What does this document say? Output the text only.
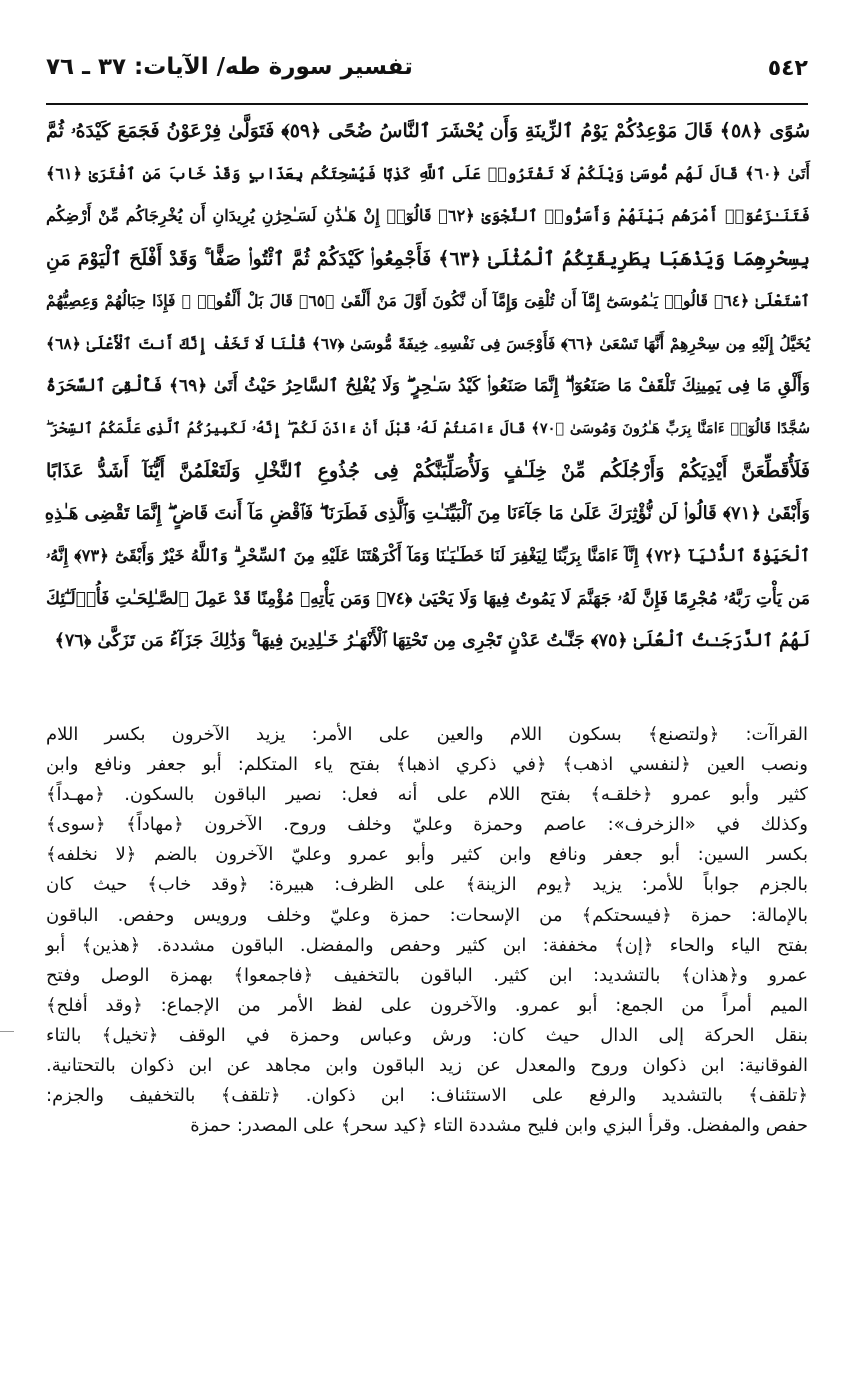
٥٤٢
تفسير سورة طه/ الآيات: ٣٧ ـ ٧٦
سُوًى ﴿٥٨﴾ قَالَ مَوْعِدُكُمْ يَوْمُ ٱلزِّينَةِ وَأَن يُحْشَرَ ٱلنَّاسُ ضُحًى ﴿٥٩﴾ فَتَوَلَّىٰ فِرْعَوْنُ فَجَمَعَ كَيْدَهُۥ ثُمَّ
أَتَىٰ ﴿٦٠﴾ قَالَ لَهُم مُّوسَىٰ وَيْلَكُمْ لَا تَفْتَرُوا۟ عَلَى ٱللَّهِ كَذِبًا فَيُسْحِتَكُم بِعَذَابٍ وَقَدْ خَابَ مَنِ ٱفْتَرَىٰ ﴿٦١﴾
فَتَنَـٰزَعُوٓا۟ أَمْرَهُم بَيْنَهُمْ وَأَسَرُّوا۟ ٱلنَّجْوَىٰ ﴿٦٢﴾ قَالُوٓا۟ إِنْ هَـٰذَٰنِ لَسَـٰحِرَٰنِ يُرِيدَانِ أَن يُخْرِجَاكُم مِّنْ أَرْضِكُم
بِسِحْرِهِمَا وَيَذْهَبَا بِطَرِيقَتِكُمُ ٱلْمُثْلَىٰ ﴿٦٣﴾ فَأَجْمِعُوا۟ كَيْدَكُمْ ثُمَّ ٱئْتُوا۟ صَفًّا ۚ وَقَدْ أَفْلَحَ ٱلْيَوْمَ مَنِ
ٱسْتَعْلَىٰ ﴿٦٤﴾ قَالُوا۟ يَـٰمُوسَىٰٓ إِمَّآ أَن تُلْقِىَ وَإِمَّآ أَن نَّكُونَ أَوَّلَ مَنْ أَلْقَىٰ ﴿٦٥﴾ قَالَ بَلْ أَلْقُوا۟ ۖ فَإِذَا حِبَالُهُمْ وَعِصِيُّهُمْ
يُخَيَّلُ إِلَيْهِ مِن سِحْرِهِمْ أَنَّهَا تَسْعَىٰ ﴿٦٦﴾ فَأَوْجَسَ فِى نَفْسِهِۦ خِيفَةً مُّوسَىٰ ﴿٦٧﴾ قُلْنَا لَا تَخَفْ إِنَّكَ أَنتَ ٱلْأَعْلَىٰ ﴿٦٨﴾
وَأَلْقِ مَا فِى يَمِينِكَ تَلْقَفْ مَا صَنَعُوٓا۟ ۖ إِنَّمَا صَنَعُوا۟ كَيْدُ سَـٰحِرٍ ۖ وَلَا يُفْلِحُ ٱلسَّاحِرُ حَيْثُ أَتَىٰ ﴿٦٩﴾ فَأُلْقِىَ ٱلسَّحَرَةُ
سُجَّدًا قَالُوٓا۟ ءَامَنَّا بِرَبِّ هَـٰرُونَ وَمُوسَىٰ ﴿٧٠﴾ قَالَ ءَامَنتُمْ لَهُۥ قَبْلَ أَنْ ءَاذَنَ لَكُمْ ۖ إِنَّهُۥ لَكَبِيرُكُمُ ٱلَّذِى عَلَّمَكُمُ ٱلسِّحْرَ ۖ
فَلَأُقَطِّعَنَّ أَيْدِيَكُمْ وَأَرْجُلَكُم مِّنْ خِلَـٰفٍ وَلَأُصَلِّبَنَّكُمْ فِى جُذُوعِ ٱلنَّخْلِ وَلَتَعْلَمُنَّ أَيُّنَآ أَشَدُّ عَذَابًا
وَأَبْقَىٰ ﴿٧١﴾ قَالُوا۟ لَن نُّؤْثِرَكَ عَلَىٰ مَا جَآءَنَا مِنَ ٱلْبَيِّنَـٰتِ وَٱلَّذِى فَطَرَنَا ۖ فَٱقْضِ مَآ أَنتَ قَاضٍ ۖ إِنَّمَا تَقْضِى هَـٰذِهِ
ٱلْحَيَوٰةَ ٱلدُّنْيَآ ﴿٧٢﴾ إِنَّآ ءَامَنَّا بِرَبِّنَا لِيَغْفِرَ لَنَا خَطَـٰيَـٰنَا وَمَآ أَكْرَهْتَنَا عَلَيْهِ مِنَ ٱلسِّحْرِ ۗ وَٱللَّهُ خَيْرٌ وَأَبْقَىٰٓ ﴿٧٣﴾ إِنَّهُۥ
مَن يَأْتِ رَبَّهُۥ مُجْرِمًا فَإِنَّ لَهُۥ جَهَنَّمَ لَا يَمُوتُ فِيهَا وَلَا يَحْيَىٰ ﴿٧٤﴾ وَمَن يَأْتِهِۦ مُؤْمِنًا قَدْ عَمِلَ ٱلصَّـٰلِحَـٰتِ فَأُو۟لَـٰٓئِكَ
لَهُمُ ٱلدَّرَجَـٰتُ ٱلْعُلَىٰ ﴿٧٥﴾ جَنَّـٰتُ عَدْنٍ تَجْرِى مِن تَحْتِهَا ٱلْأَنْهَـٰرُ خَـٰلِدِينَ فِيهَا ۚ وَذَٰلِكَ جَزَآءُ مَن تَزَكَّىٰ ﴿٧٦﴾
القراآت: ﴿ولتصنع﴾ بسكون اللام والعين على الأمر: يزيد الآخرون بكسر اللام
ونصب العين ﴿لنفسي اذهب﴾ ﴿في ذكري اذهبا﴾ بفتح ياء المتكلم: أبو جعفر ونافع وابن
كثير وأبو عمرو ﴿خلقـه﴾ بفتح اللام على أنه فعل: نصير الباقون بالسكون. ﴿مهـداً﴾
وكذلك في «الزخرف»: عاصم وحمزة وعليّ وخلف وروح. الآخرون ﴿مهاداً﴾ ﴿سوى﴾
بكسر السين: أبو جعفر ونافع وابن كثير وأبو عمرو وعليّ الآخرون بالضم ﴿لا نخلفه﴾
بالجزم جواباً للأمر: يزيد ﴿يوم الزينة﴾ على الظرف: هبيرة: ﴿وقد خاب﴾ حيث كان
بالإمالة: حمزة ﴿فيسحتكم﴾ من الإسحات: حمزة وعليّ وخلف ورويس وحفص. الباقون
بفتح الياء والحاء ﴿إن﴾ مخففة: ابن كثير وحفص والمفضل. الباقون مشددة. ﴿هذين﴾ أبو
عمرو و﴿هذان﴾ بالتشديد: ابن كثير. الباقون بالتخفيف ﴿فاجمعوا﴾ بهمزة الوصل وفتح
الميم أمراً من الجمع: أبو عمرو. والآخرون على لفظ الأمر من الإجماع: ﴿وقد أفلح﴾
بنقل الحركة إلى الدال حيث كان: ورش وعباس وحمزة في الوقف ﴿تخيل﴾ بالتاء
الفوقانية: ابن ذكوان وروح والمعدل عن زيد الباقون وابن مجاهد عن ابن ذكوان بالتحتانية.
﴿تلقف﴾ بالتشديد والرفع على الاستئناف: ابن ذكوان. ﴿تلقف﴾ بالتخفيف والجزم:
حفص والمفضل. وقرأ البزي وابن فليح مشددة التاء ﴿كيد سحر﴾ على المصدر: حمزة
